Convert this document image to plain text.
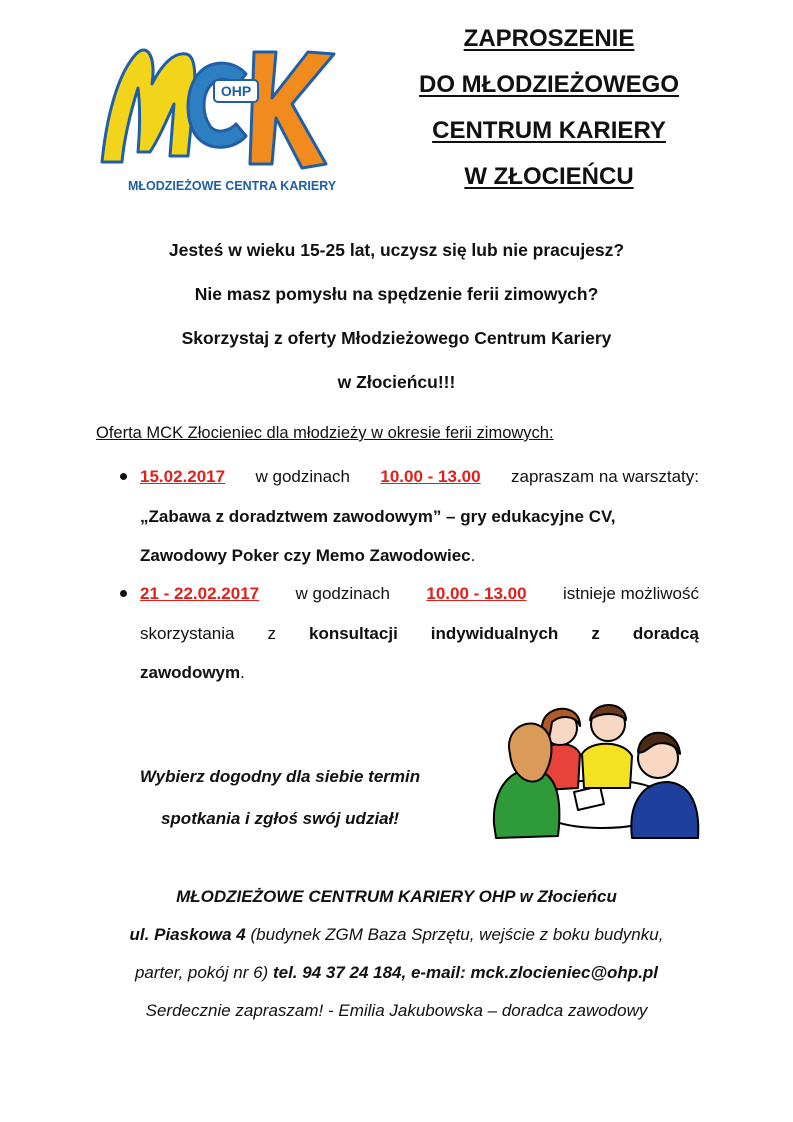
OHP
MŁODZIEŻOWE CENTRA KARIERY
ZAPROSZENIE
DO MŁODZIEŻOWEGO
CENTRUM KARIERY
W ZŁOCIEŃCU
Jesteś w wieku 15-25 lat, uczysz się lub nie pracujesz?
Nie masz pomysłu na spędzenie ferii zimowych?
Skorzystaj z oferty Młodzieżowego Centrum Kariery
w Złocieńcu!!!
Oferta MCK Złocieniec dla młodzieży w okresie ferii zimowych:
15.02.2017 w godzinach 10.00 - 13.00 zapraszam na warsztaty:
„Zabawa z doradztwem zawodowym” – gry edukacyjne CV,
Zawodowy Poker czy Memo Zawodowiec .
21 - 22.02.2017 w godzinach 10.00 - 13.00 istnieje możliwość
skorzystania z konsultacji indywidualnych z doradcą
zawodowym .
Wybierz dogodny dla siebie termin
spotkania i zgłoś swój udział!
MŁODZIEŻOWE CENTRUM KARIERY OHP w Złocieńcu
ul. Piaskowa 4 (budynek ZGM Baza Sprzętu, wejście z boku budynku,
parter, pokój nr 6) tel. 94 37 24 184, e-mail: mck.zlocieniec@ohp.pl
Serdecznie zapraszam! - Emilia Jakubowska – doradca zawodowy
